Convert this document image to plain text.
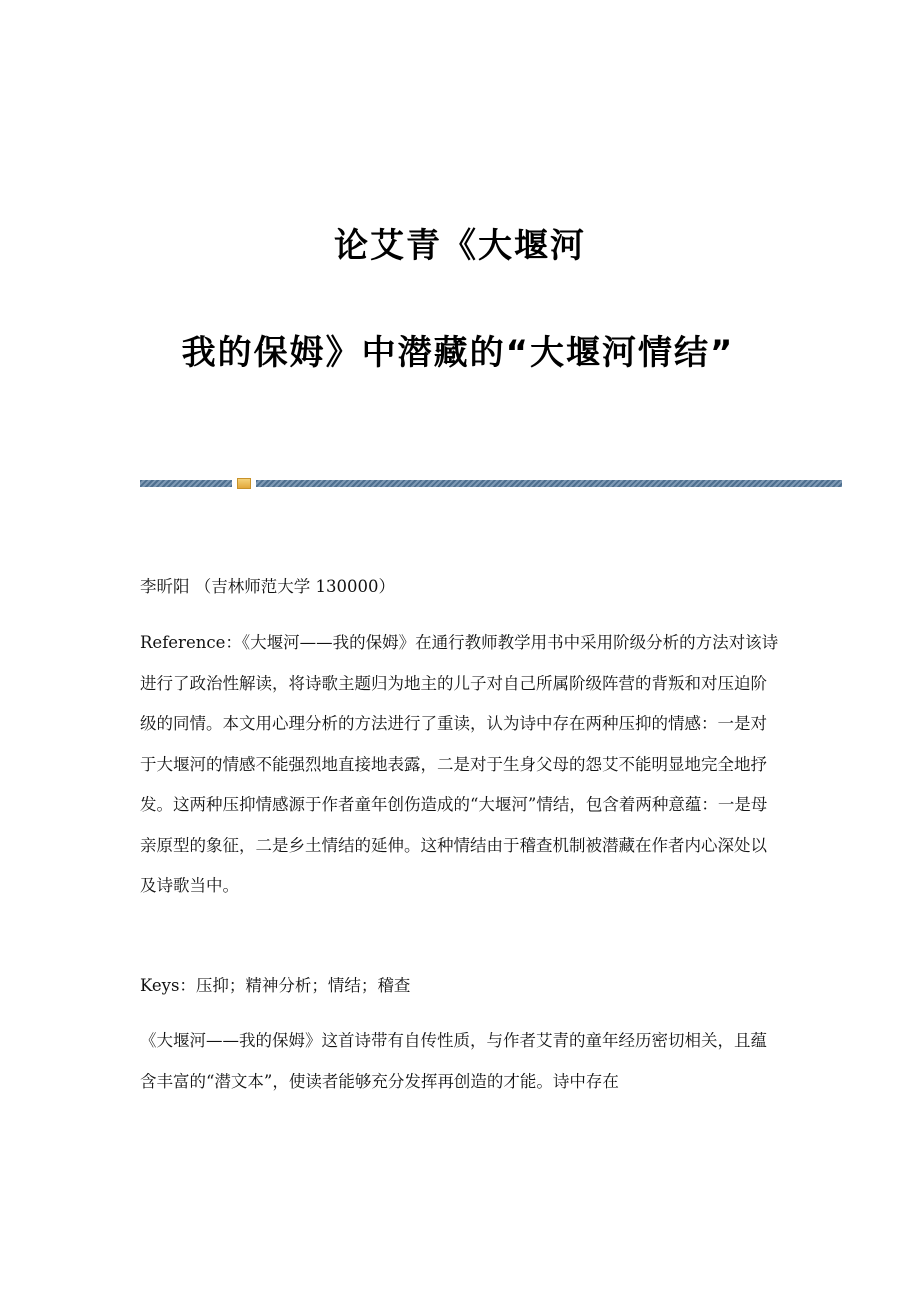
论艾青《大堰河
我的保姆》中潜藏的“大堰河情结”
李昕阳 （吉林师范大学 130000）
Reference：《大堰河——我的保姆》在通行教师教学用书中采用阶级分析的方法对该诗进行了政治性解读，将诗歌主题归为地主的儿子对自己所属阶级阵营的背叛和对压迫阶级的同情。本文用心理分析的方法进行了重读，认为诗中存在两种压抑的情感：一是对于大堰河的情感不能强烈地直接地表露，二是对于生身父母的怨艾不能明显地完全地抒发。这两种压抑情感源于作者童年创伤造成的“大堰河”情结，包含着两种意蕴：一是母亲原型的象征，二是乡土情结的延伸。这种情结由于稽查机制被潜藏在作者内心深处以及诗歌当中。
Keys：压抑；精神分析；情结；稽查
《大堰河——我的保姆》这首诗带有自传性质，与作者艾青的童年经历密切相关，且蕴含丰富的“潜文本”，使读者能够充分发挥再创造的才能。诗中存在
